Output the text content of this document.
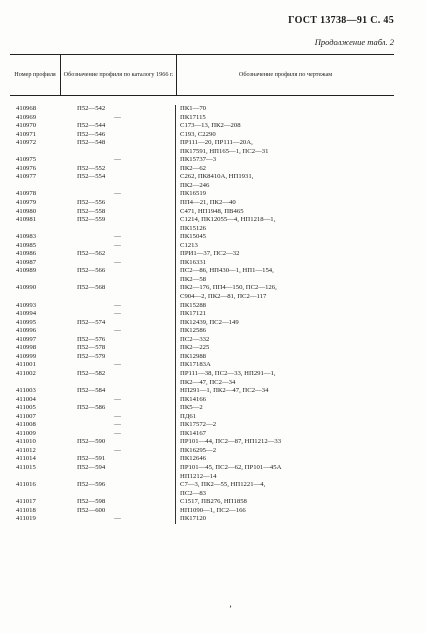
ГОСТ 13738—91 С. 45
Продолжение табл. 2
Номер профиля	Обозначение профиля по каталогу 1966 г.	Обозначение профиля по чертежам
410968	П52—542	ПК1—70
410969	—	ПК17115
410970	П52—544	С173—13, ПК2—208
410971	П52—546	С193, С2290
410972	П52—548	ПР111—20, ПР111—20А,
ПК17591, НП165—1, ПС2—31
410975	—	ПК15737—3
410976	П52—552	ПК2—62
410977	П52—554	С262, ПК8410А, НП1931,
ПК2—246
410978	—	ПК16519
410979	П52—556	ПП4—21, ПК2—40
410980	П52—558	С471, НП1948, ПВ465
410981	П52—559	С1214, ПК12055—4, НП1218—1,
ПК15126
410983	—	ПК15045
410985	—	С1213
410986	П52—562	ПРИ1—37, ПС2—32
410987	—	ПК16331
410989	П52—566	ПС2—86, НП430—1, НП1—154,
ПК2—58
410990	П52—568	ПК2—176, ПП4—150, ПС2—126,
С904—2, ПК2—81, ПС2—117
410993	—	ПК15288
410994	—	ПК17121
410995	П52—574	ПК12439, ПС2—149
410996	—	ПК12586
410997	П52—576	ПС2—332
410998	П52—578	ПК2—225
410999	П52—579	ПК12988
411001	—	ПК17183А
411002	П52—582	ПР111—38, ПС2—33, НП291—1,
ПК2—47, ПС2—34
411003	П52—584	НП291—1, ПК2—47, ПС2—34
411004	—	ПК14166
411005	П52—586	ПК5—2
411007	—	ПД61
411008	—	ПК17572—2
411009	—	ПК14167
411010	П52—590	ПР101—44, ПС2—87, НП1212—33
411012	—	ПК16295—2
411014	П52—591	ПК12646
411015	П52—594	ПР101—45, ПС2—62, ПР101—45А
НП1212—14
411016	П52—596	С7—3, ПК2—55, НП1221—4,
ПС2—83
411017	П52—598	С1517, ПВ276, НП1858
411018	П52—600	НП1090—1, ПС2—166
411019	—	ПК17120
’
